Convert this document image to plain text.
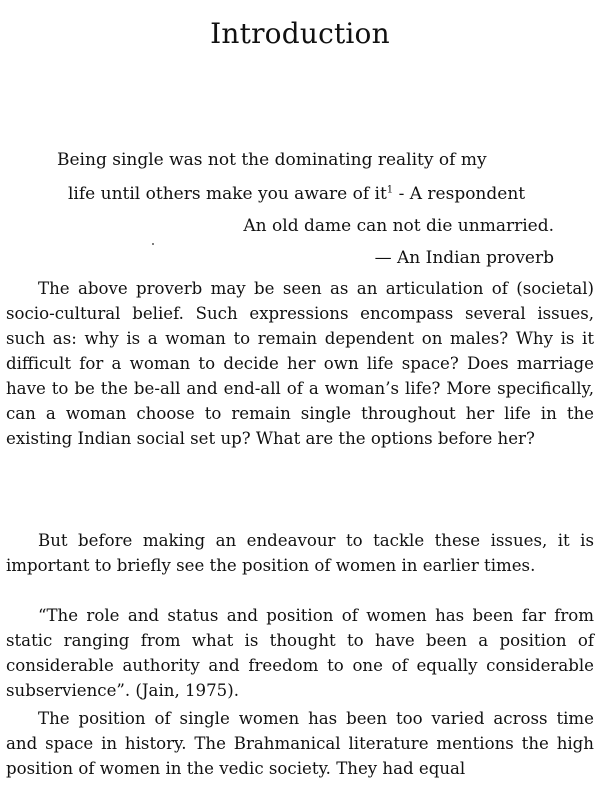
Introduction
Being single was not the dominating reality of my
life until others make you aware of $it^1$ - A respondent
An old dame can not die unmarried.
— An Indian proverb

The above proverb may be seen as an articulation of (societal) socio-cultural belief. Such expressions encompass several issues, such as: why is a woman to remain dependent on males? Why is it difficult for a woman to decide her own life space? Does marriage have to be the be-all and end-all of a woman’s life? More specifically, can a woman choose to remain single throughout her life in the existing Indian social set up? What are the options before her?

But before making an endeavour to tackle these issues, it is important to briefly see the position of women in earlier times.

“The role and status and position of women has been far from static ranging from what is thought to have been a position of considerable authority and freedom to one of equally considerable subservience”. (Jain, 1975).

The position of single women has been too varied across time and space in history. The Brahmanical literature mentions the high position of women in the vedic society. They had equal
